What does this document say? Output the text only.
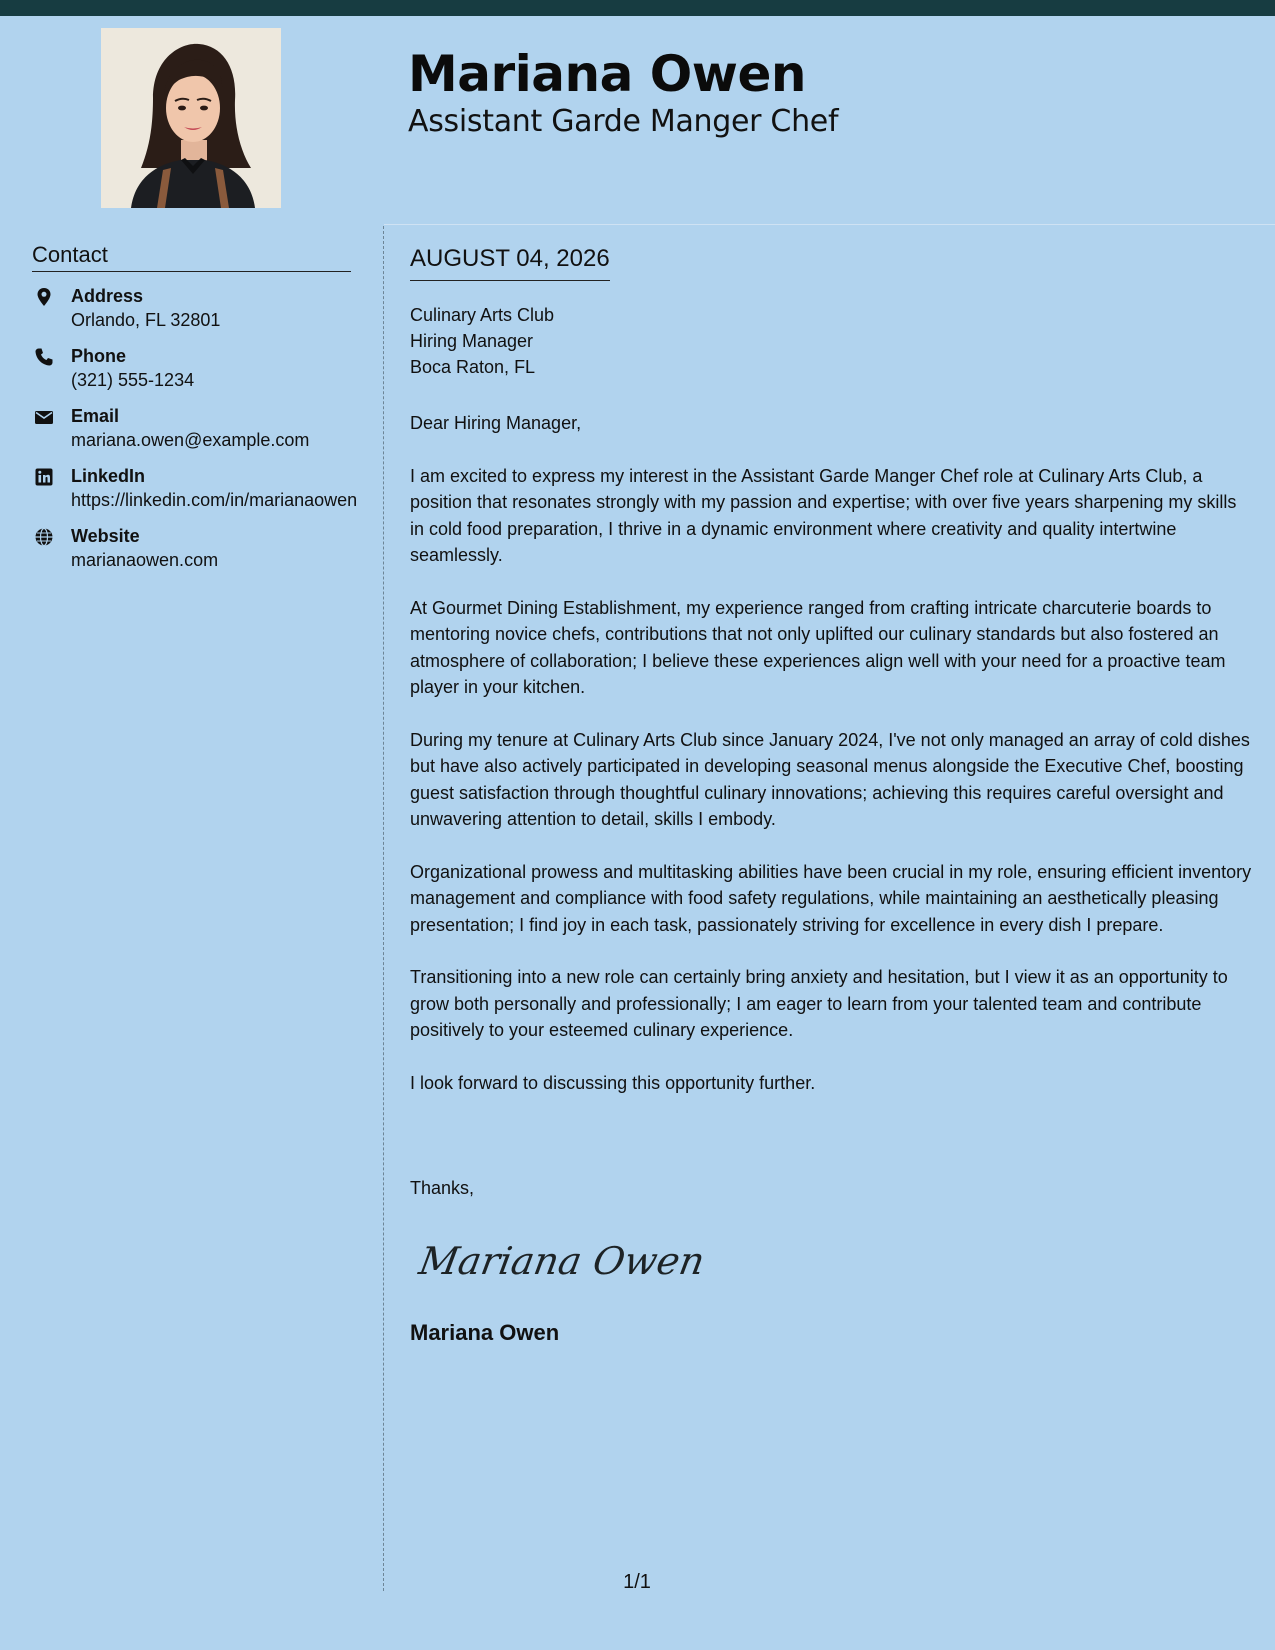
Mariana Owen
Assistant Garde Manger Chef
Contact
Address
Orlando, FL 32801
Phone
(321) 555-1234
Email
mariana.owen@example.com
LinkedIn
https://linkedin.com/in/marianaowen
Website
marianaowen.com
AUGUST 04, 2026
Culinary Arts Club
Hiring Manager
Boca Raton, FL

Dear Hiring Manager,

I am excited to express my interest in the Assistant Garde Manger Chef role at Culinary Arts Club, a position that resonates strongly with my passion and expertise; with over five years sharpening my skills in cold food preparation, I thrive in a dynamic environment where creativity and quality intertwine seamlessly.

At Gourmet Dining Establishment, my experience ranged from crafting intricate charcuterie boards to mentoring novice chefs, contributions that not only uplifted our culinary standards but also fostered an atmosphere of collaboration; I believe these experiences align well with your need for a proactive team player in your kitchen.

During my tenure at Culinary Arts Club since January 2024, I've not only managed an array of cold dishes but have also actively participated in developing seasonal menus alongside the Executive Chef, boosting guest satisfaction through thoughtful culinary innovations; achieving this requires careful oversight and unwavering attention to detail, skills I embody.

Organizational prowess and multitasking abilities have been crucial in my role, ensuring efficient inventory management and compliance with food safety regulations, while maintaining an aesthetically pleasing presentation; I find joy in each task, passionately striving for excellence in every dish I prepare.

Transitioning into a new role can certainly bring anxiety and hesitation, but I view it as an opportunity to grow both personally and professionally; I am eager to learn from your talented team and contribute positively to your esteemed culinary experience.

I look forward to discussing this opportunity further.

Thanks,
Mariana Owen
Mariana Owen
1/1
